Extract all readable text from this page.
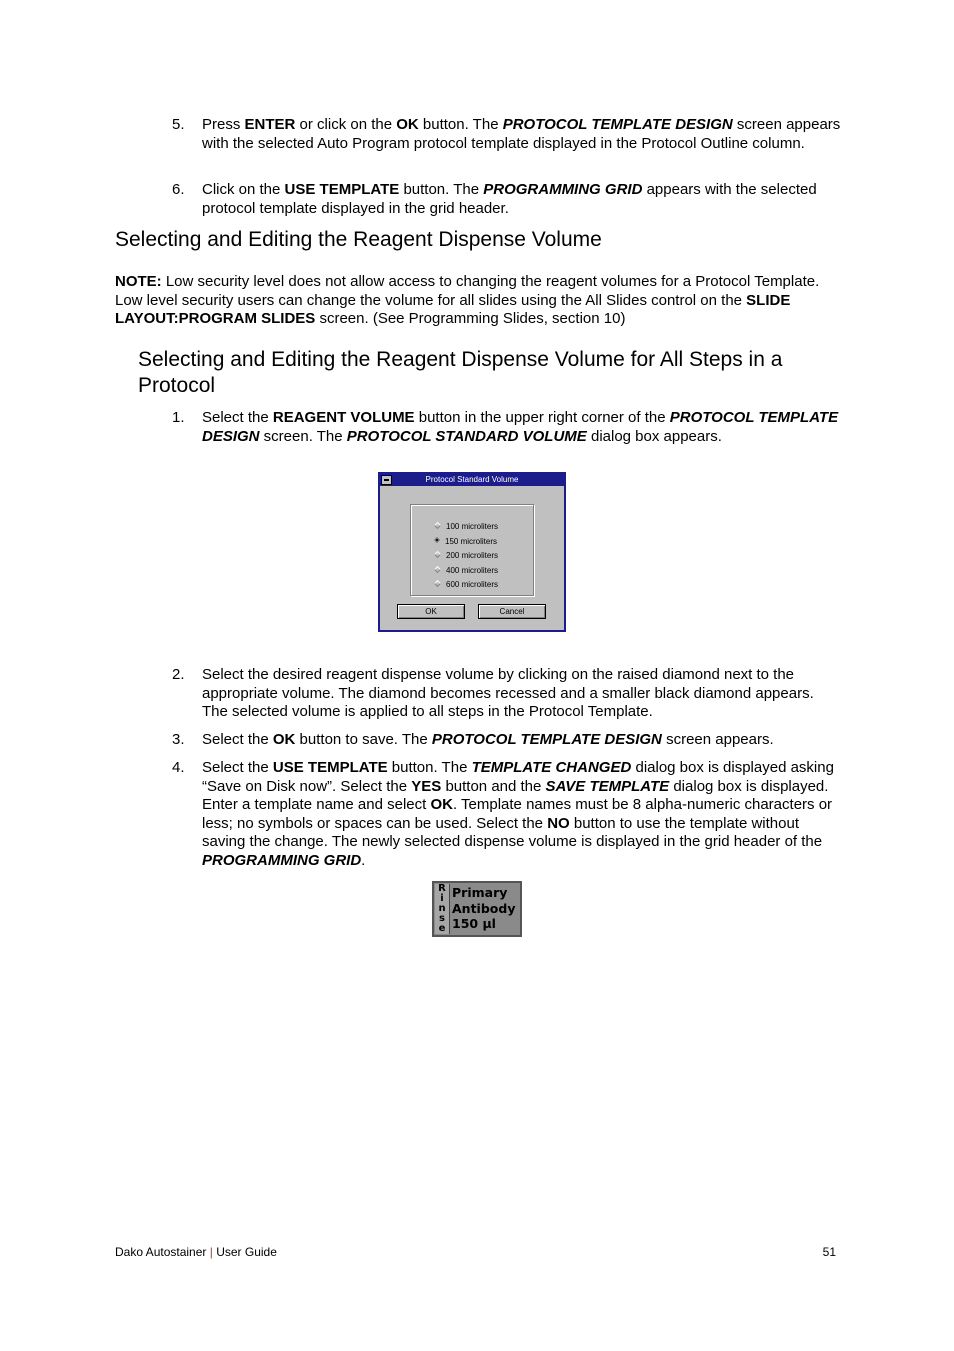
5. Press ENTER or click on the OK button. The PROTOCOL TEMPLATE DESIGN screen appears with the selected Auto Program protocol template displayed in the Protocol Outline column.
6. Click on the USE TEMPLATE button. The PROGRAMMING GRID appears with the selected protocol template displayed in the grid header.
Selecting and Editing the Reagent Dispense Volume
NOTE: Low security level does not allow access to changing the reagent volumes for a Protocol Template. Low level security users can change the volume for all slides using the All Slides control on the SLIDE LAYOUT:PROGRAM SLIDES screen. (See Programming Slides, section 10)
Selecting and Editing the Reagent Dispense Volume for All Steps in a Protocol
1. Select the REAGENT VOLUME button in the upper right corner of the PROTOCOL TEMPLATE DESIGN screen. The PROTOCOL STANDARD VOLUME dialog box appears.
Protocol Standard Volume
100 microliters
150 microliters
200 microliters
400 microliters
600 microliters
OK	Cancel
2. Select the desired reagent dispense volume by clicking on the raised diamond next to the appropriate volume. The diamond becomes recessed and a smaller black diamond appears. The selected volume is applied to all steps in the Protocol Template.
3. Select the OK button to save. The PROTOCOL TEMPLATE DESIGN screen appears.
4. Select the USE TEMPLATE button. The TEMPLATE CHANGED dialog box is displayed asking “Save on Disk now”. Select the YES button and the SAVE TEMPLATE dialog box is displayed. Enter a template name and select OK. Template names must be 8 alpha-numeric characters or less; no symbols or spaces can be used. Select the NO button to use the template without saving the change. The newly selected dispense volume is displayed in the grid header of the PROGRAMMING GRID.
R
i
n
s
e
Primary
Antibody
150 µl
Dako Autostainer | User Guide	51
